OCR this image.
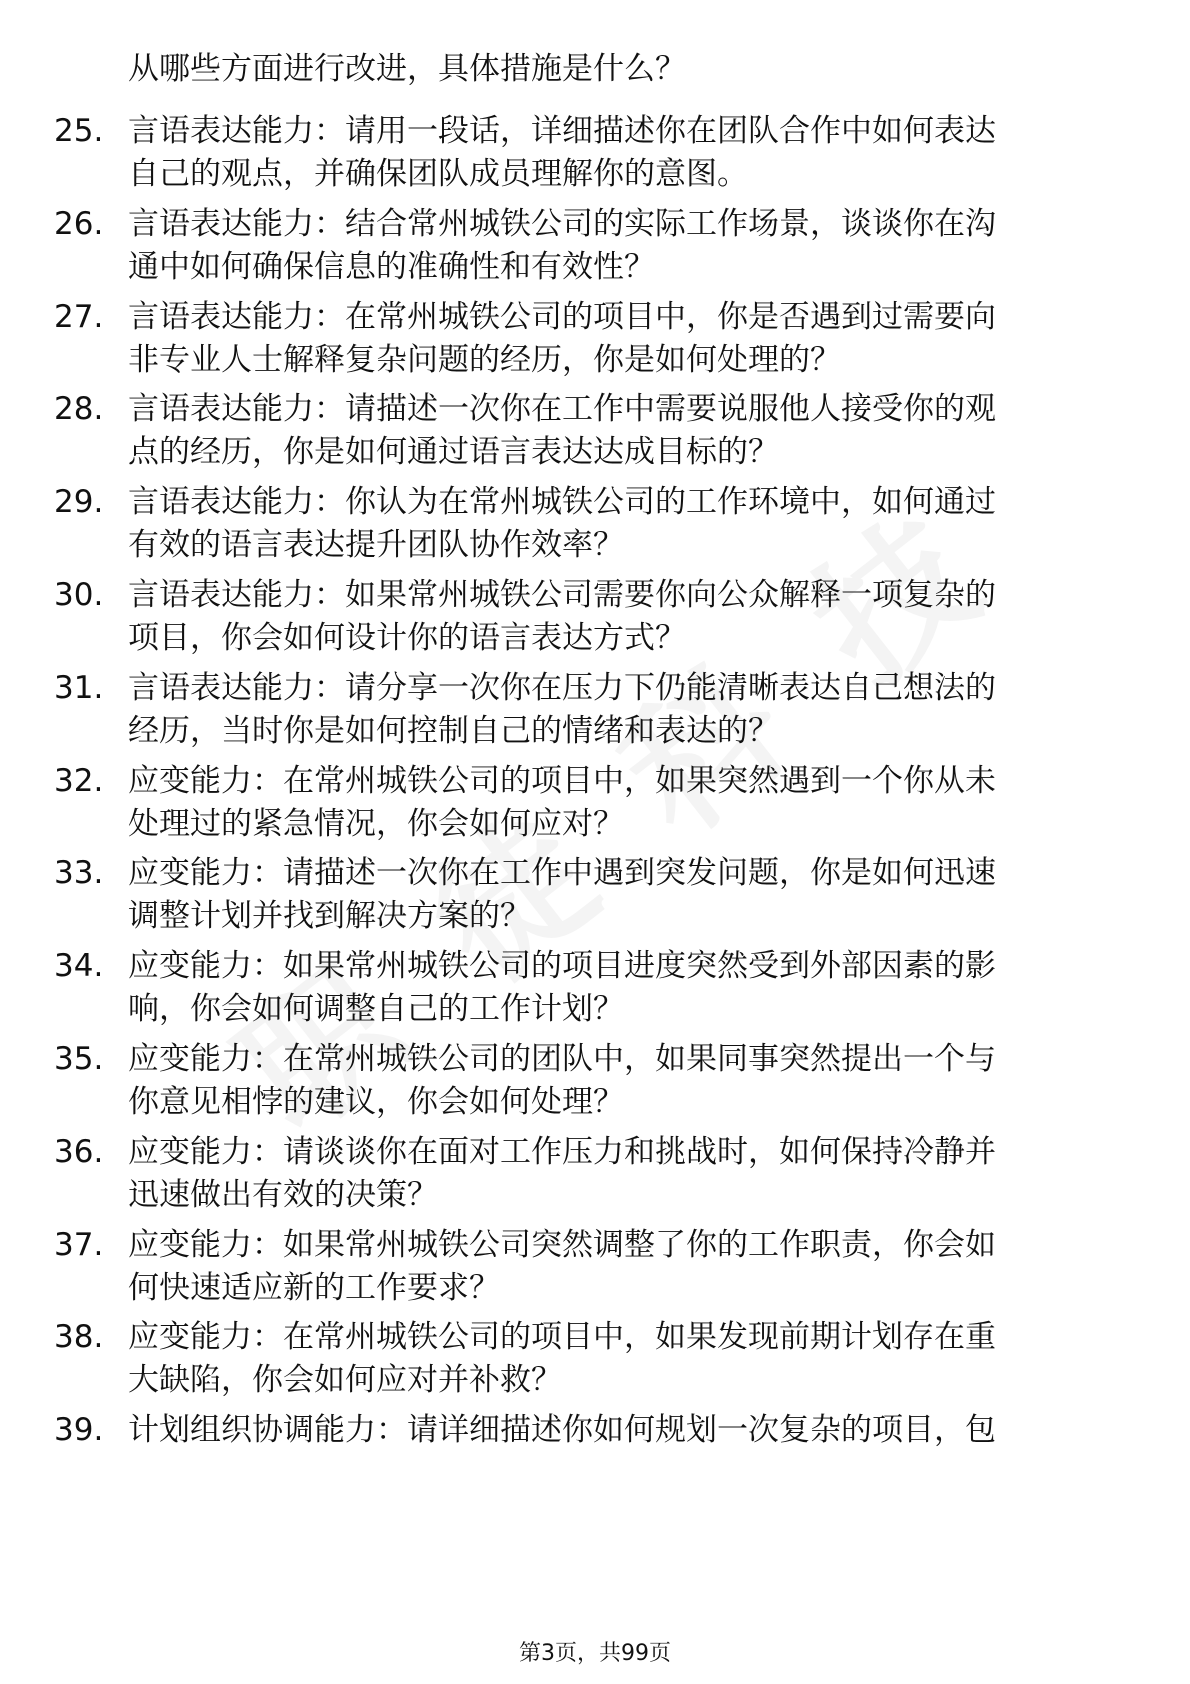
从哪些方面进行改进，具体措施是什么？
25. 言语表达能力：请用一段话，详细描述你在团队合作中如何表达
自己的观点，并确保团队成员理解你的意图。
26. 言语表达能力：结合常州城铁公司的实际工作场景，谈谈你在沟
通中如何确保信息的准确性和有效性？
27. 言语表达能力：在常州城铁公司的项目中，你是否遇到过需要向
非专业人士解释复杂问题的经历，你是如何处理的？
28. 言语表达能力：请描述一次你在工作中需要说服他人接受你的观
点的经历，你是如何通过语言表达达成目标的？
29. 言语表达能力：你认为在常州城铁公司的工作环境中，如何通过
有效的语言表达提升团队协作效率？
30. 言语表达能力：如果常州城铁公司需要你向公众解释一项复杂的
项目，你会如何设计你的语言表达方式？
31. 言语表达能力：请分享一次你在压力下仍能清晰表达自己想法的
经历，当时你是如何控制自己的情绪和表达的？
32. 应变能力：在常州城铁公司的项目中，如果突然遇到一个你从未
处理过的紧急情况，你会如何应对？
33. 应变能力：请描述一次你在工作中遇到突发问题，你是如何迅速
调整计划并找到解决方案的？
34. 应变能力：如果常州城铁公司的项目进度突然受到外部因素的影
响，你会如何调整自己的工作计划？
35. 应变能力：在常州城铁公司的团队中，如果同事突然提出一个与
你意见相悖的建议，你会如何处理？
36. 应变能力：请谈谈你在面对工作压力和挑战时，如何保持冷静并
迅速做出有效的决策？
37. 应变能力：如果常州城铁公司突然调整了你的工作职责，你会如
何快速适应新的工作要求？
38. 应变能力：在常州城铁公司的项目中，如果发现前期计划存在重
大缺陷，你会如何应对并补救？
39. 计划组织协调能力：请详细描述你如何规划一次复杂的项目，包
第3页，共99页
